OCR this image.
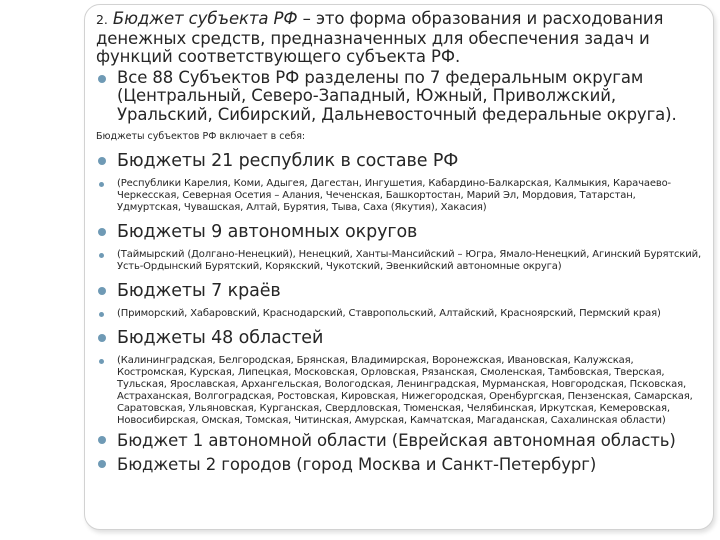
2. Бюджет субъекта РФ – это форма образования и расходования денежных средств, предназначенных для обеспечения задач и функций соответствующего субъекта РФ.
Все 88 Субъектов РФ разделены по 7 федеральным округам (Центральный, Северо-Западный, Южный, Приволжский, Уральский, Сибирский, Дальневосточный федеральные округа).
Бюджеты субъектов РФ включает в себя:
Бюджеты 21 республик в составе РФ
(Республики Карелия, Коми, Адыгея, Дагестан, Ингушетия, Кабардино-Балкарская, Калмыкия, Карачаево-Черкесская, Северная Осетия – Алания, Чеченская, Башкортостан, Марий Эл, Мордовия, Татарстан, Удмуртская, Чувашская, Алтай, Бурятия, Тыва, Саха (Якутия), Хакасия)
Бюджеты 9 автономных округов
(Таймырский (Долгано-Ненецкий), Ненецкий, Ханты-Мансийский – Югра, Ямало-Ненецкий, Агинский Бурятский, Усть-Ордынский Бурятский, Корякский, Чукотский, Эвенкийский автономные округа)
Бюджеты 7 краёв
(Приморский, Хабаровский, Краснодарский, Ставропольский, Алтайский, Красноярский, Пермский края)
Бюджеты 48 областей
(Калининградская, Белгородская, Брянская, Владимирская, Воронежская, Ивановская, Калужская, Костромская, Курская, Липецкая, Московская, Орловская, Рязанская, Смоленская, Тамбовская, Тверская, Тульская, Ярославская, Архангельская, Вологодская, Ленинградская, Мурманская, Новгородская, Псковская, Астраханская, Волгоградская, Ростовская, Кировская, Нижегородская, Оренбургская, Пензенская, Самарская, Саратовская, Ульяновская, Курганская, Свердловская, Тюменская, Челябинская, Иркутская, Кемеровская, Новосибирская, Омская, Томская, Читинская, Амурская, Камчатская, Магаданская, Сахалинская области)
Бюджет 1 автономной области (Еврейская автономная область)
Бюджеты 2 городов (город Москва и Санкт-Петербург)
